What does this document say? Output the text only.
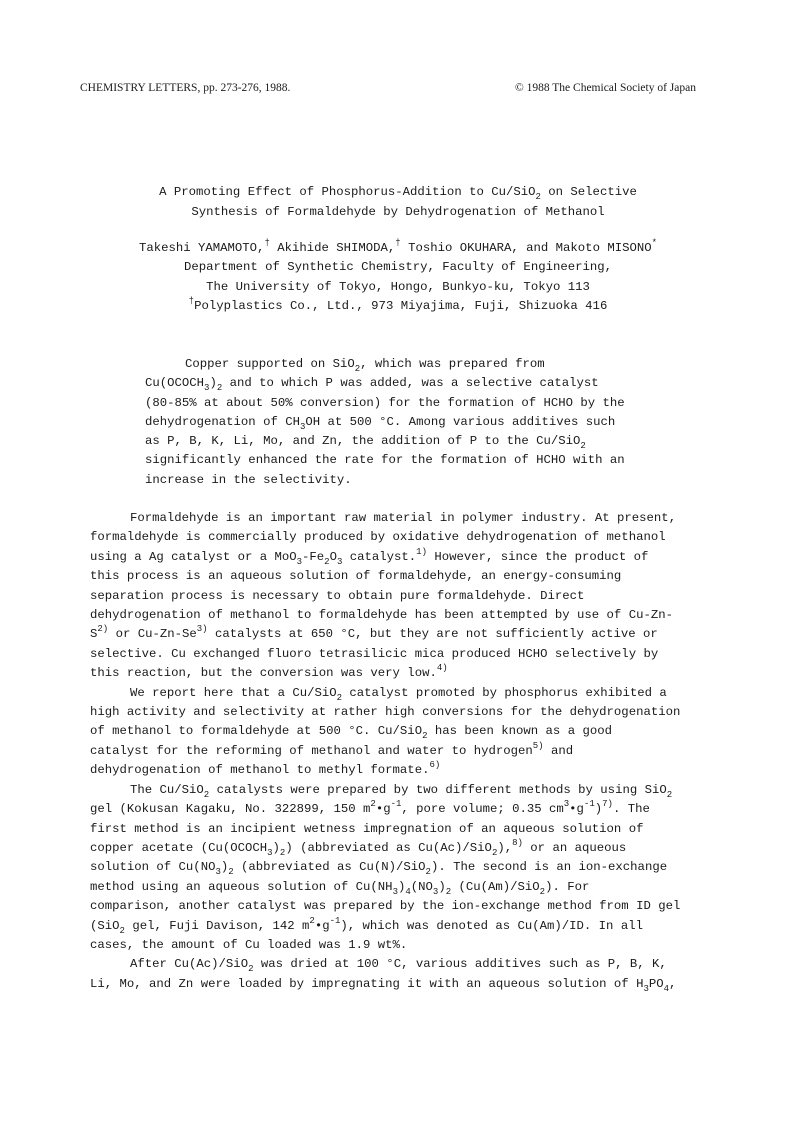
CHEMISTRY LETTERS, pp. 273-276, 1988.	© 1988 The Chemical Society of Japan
A Promoting Effect of Phosphorus-Addition to Cu/SiO$_2$ on Selective
Synthesis of Formaldehyde by Dehydrogenation of Methanol
Takeshi YAMAMOTO,† Akihide SHIMODA,† Toshio OKUHARA, and Makoto MISONO*
Department of Synthetic Chemistry, Faculty of Engineering,
The University of Tokyo, Hongo, Bunkyo-ku, Tokyo 113
†Polyplastics Co., Ltd., 973 Miyajima, Fuji, Shizuoka 416
Copper supported on SiO$_2$, which was prepared from
$Cu(OCOCH_3)_2$ and to which P was added, was a selective catalyst
(80-85% at about 50% conversion) for the formation of HCHO by the
dehydrogenation of $CH_3OH$ at 500 °C. Among various additives such
as P, B, K, Li, Mo, and Zn, the addition of P to the Cu/SiO$_2$
significantly enhanced the rate for the formation of HCHO with an
increase in the selectivity.
Formaldehyde is an important raw material in polymer industry. At present,
formaldehyde is commercially produced by oxidative dehydrogenation of methanol
using a Ag catalyst or a $MoO_3-Fe_2O_3$ catalyst.$^{1)}$ However, since the product of
this process is an aqueous solution of formaldehyde, an energy-consuming
separation process is necessary to obtain pure formaldehyde. Direct
dehydrogenation of methanol to formaldehyde has been attempted by use of Cu-Zn-
$S^{2)}$ or Cu-Zn-Se$^{3)}$ catalysts at 650 °C, but they are not sufficiently active or
selective. Cu exchanged fluoro tetrasilicic mica produced HCHO selectively by
this reaction, but the conversion was very low.$^{4)}$
We report here that a Cu/SiO$_2$ catalyst promoted by phosphorus exhibited a
high activity and selectivity at rather high conversions for the dehydrogenation
of methanol to formaldehyde at 500 °C. Cu/SiO$_2$ has been known as a good
catalyst for the reforming of methanol and water to hydrogen$^{5)}$ and
dehydrogenation of methanol to methyl formate.$^{6)}$
The Cu/SiO$_2$ catalysts were prepared by two different methods by using SiO$_2$
gel (Kokusan Kagaku, No. 322899, 150 $m^2•g^{-1}$, pore volume; 0.35 $cm^3•g^{-1})^{7)}$. The
first method is an incipient wetness impregnation of an aqueous solution of
copper acetate $(Cu(OCOCH_3)_2)$ (abbreviated as Cu(Ac)/SiO$_2$),$^{8)}$ or an aqueous
solution of $Cu(NO_3)_2$ (abbreviated as Cu(N)/SiO$_2$). The second is an ion-exchange
method using an aqueous solution of $Cu(NH_3)_4(NO_3)_2$ (Cu(Am)/SiO$_2$). For
comparison, another catalyst was prepared by the ion-exchange method from ID gel
(SiO$_2$ gel, Fuji Davison, 142 $m^2•g^{-1}$), which was denoted as Cu(Am)/ID. In all
cases, the amount of Cu loaded was 1.9 wt%.
After Cu(Ac)/SiO$_2$ was dried at 100 °C, various additives such as P, B, K,
Li, Mo, and Zn were loaded by impregnating it with an aqueous solution of $H_3PO_4$,
